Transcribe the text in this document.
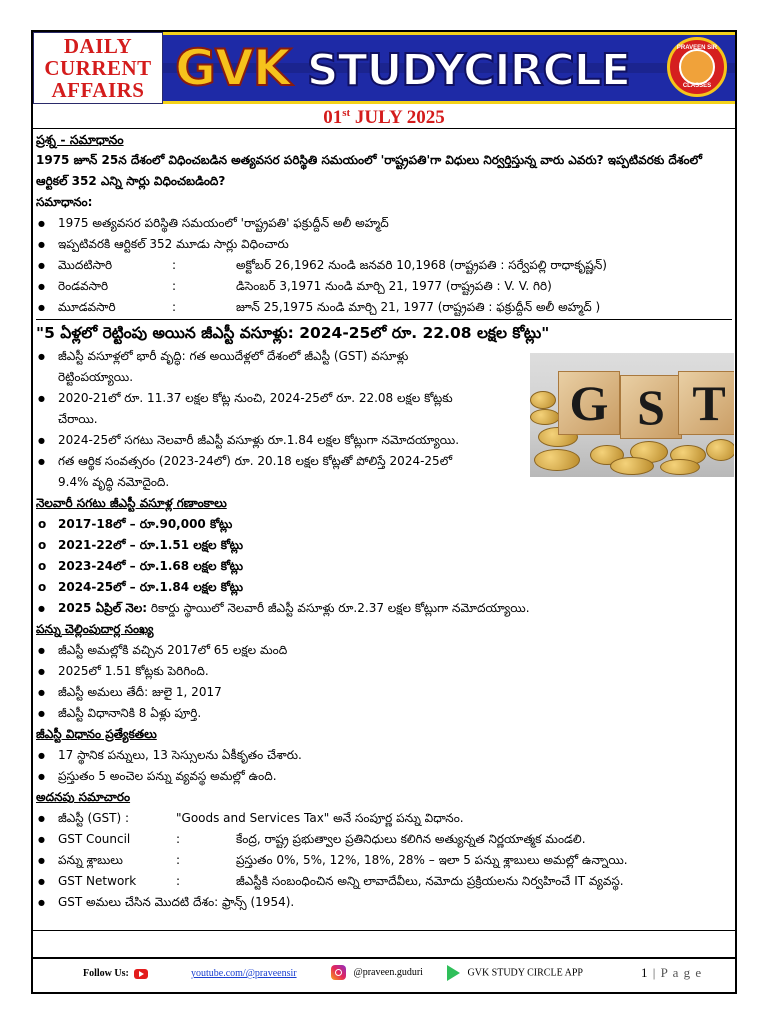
DAILY
CURRENT
AFFAIRS GVK STUDYCIRCLE	PRAVEEN SIR
CLASSES
01st JULY 2025
ప్రశ్న - సమాధానం
1975 జూన్ 25న దేశంలో విధించబడిన అత్యవసర పరిస్థితి సమయంలో 'రాష్ట్రపతి'గా విధులు నిర్వర్తిస్తున్న వారు ఎవరు? ఇప్పటివరకు దేశంలో
ఆర్టికల్ 352 ఎన్ని సార్లు విధించబడింది?
సమాధానం:
● 1975 అత్యవసర పరిస్థితి సమయంలో 'రాష్ట్రపతి' ఫక్రుద్దీన్ అలీ అహ్మద్
● ఇప్పటివరకి ఆర్టికల్ 352 మూడు సార్లు విధించారు
● మొదటిసారి	:	అక్టోబర్ 26,1962 నుండి జనవరి 10,1968 (రాష్ట్రపతి : సర్వేపల్లి రాధాకృష్ణన్)
● రెండవసారి	:	డిసెంబర్ 3,1971 నుండి మార్చి 21, 1977 (రాష్ట్రపతి : V. V. గిరి)
● మూడవసారి	:	జూన్ 25,1975 నుండి మార్చి 21, 1977 (రాష్ట్రపతి : ఫక్రుద్దీన్ అలీ అహ్మద్ )
"5 ఏళ్లలో రెట్టింపు అయిన జీఎస్టీ వసూళ్లు: 2024-25లో రూ. 22.08 లక్షల కోట్లు"
● జీఎస్టీ వసూళ్లలో భారీ వృద్ధి: గత అయిదేళ్లలో దేశంలో జీఎస్టీ (GST) వసూళ్లు
రెట్టింపయ్యాయి.
● 2020-21లో రూ. 11.37 లక్షల కోట్ల నుంచి, 2024-25లో రూ. 22.08 లక్షల కోట్లకు
చేరాయి.
● 2024-25లో సగటు నెలవారీ జీఎస్టీ వసూళ్లు రూ.1.84 లక్షల కోట్లుగా నమోదయ్యాయి.
● గత ఆర్థిక సంవత్సరం (2023-24లో) రూ. 20.18 లక్షల కోట్లతో పోలిస్తే 2024-25లో
9.4% వృద్ధి నమోదైంది.
నెలవారీ సగటు జీఎస్టీ వసూళ్ల గణాంకాలు
o 2017-18లో – రూ.90,000 కోట్లు
o 2021-22లో – రూ.1.51 లక్షల కోట్లు
o 2023-24లో – రూ.1.68 లక్షల కోట్లు
o 2024-25లో – రూ.1.84 లక్షల కోట్లు
● 2025 ఏప్రిల్ నెల: రికార్డు స్థాయిలో నెలవారీ జీఎస్టీ వసూళ్లు రూ.2.37 లక్షల కోట్లుగా నమోదయ్యాయి.
పన్ను చెల్లింపుదార్ల సంఖ్య
● జీఎస్టీ అమల్లోకి వచ్చిన 2017లో 65 లక్షల మంది
● 2025లో 1.51 కోట్లకు పెరిగింది.
● జీఎస్టీ అమలు తేదీ: జులై 1, 2017
● జీఎస్టీ విధానానికి 8 ఏళ్లు పూర్తి.
జీఎస్టీ విధానం ప్రత్యేకతలు
● 17 స్థానిక పన్నులు, 13 సెస్సులను ఏకీకృతం చేశారు.
● ప్రస్తుతం 5 అంచెల పన్ను వ్యవస్థ అమల్లో ఉంది.
అదనపు సమాచారం
● జీఎస్టీ (GST) :	"Goods and Services Tax" అనే సంపూర్ణ పన్ను విధానం.
● GST Council	:	కేంద్ర, రాష్ట్ర ప్రభుత్వాల ప్రతినిధులు కలిగిన అత్యున్నత నిర్ణయాత్మక మండలి.
● పన్ను శ్లాబులు	:	ప్రస్తుతం 0%, 5%, 12%, 18%, 28% – ఇలా 5 పన్ను శ్లాబులు అమల్లో ఉన్నాయి.
● GST Network	:	జీఎస్టీకి సంబంధించిన అన్ని లావాదేవీలు, నమోదు ప్రక్రియలను నిర్వహించే IT వ్యవస్థ.
● GST అమలు చేసిన మొదటి దేశం: ఫ్రాన్స్ (1954).
G S T
Follow Us:	youtube.com/@praveensir	@praveen.guduri	GVK STUDY CIRCLE APP	1 | P a g e
